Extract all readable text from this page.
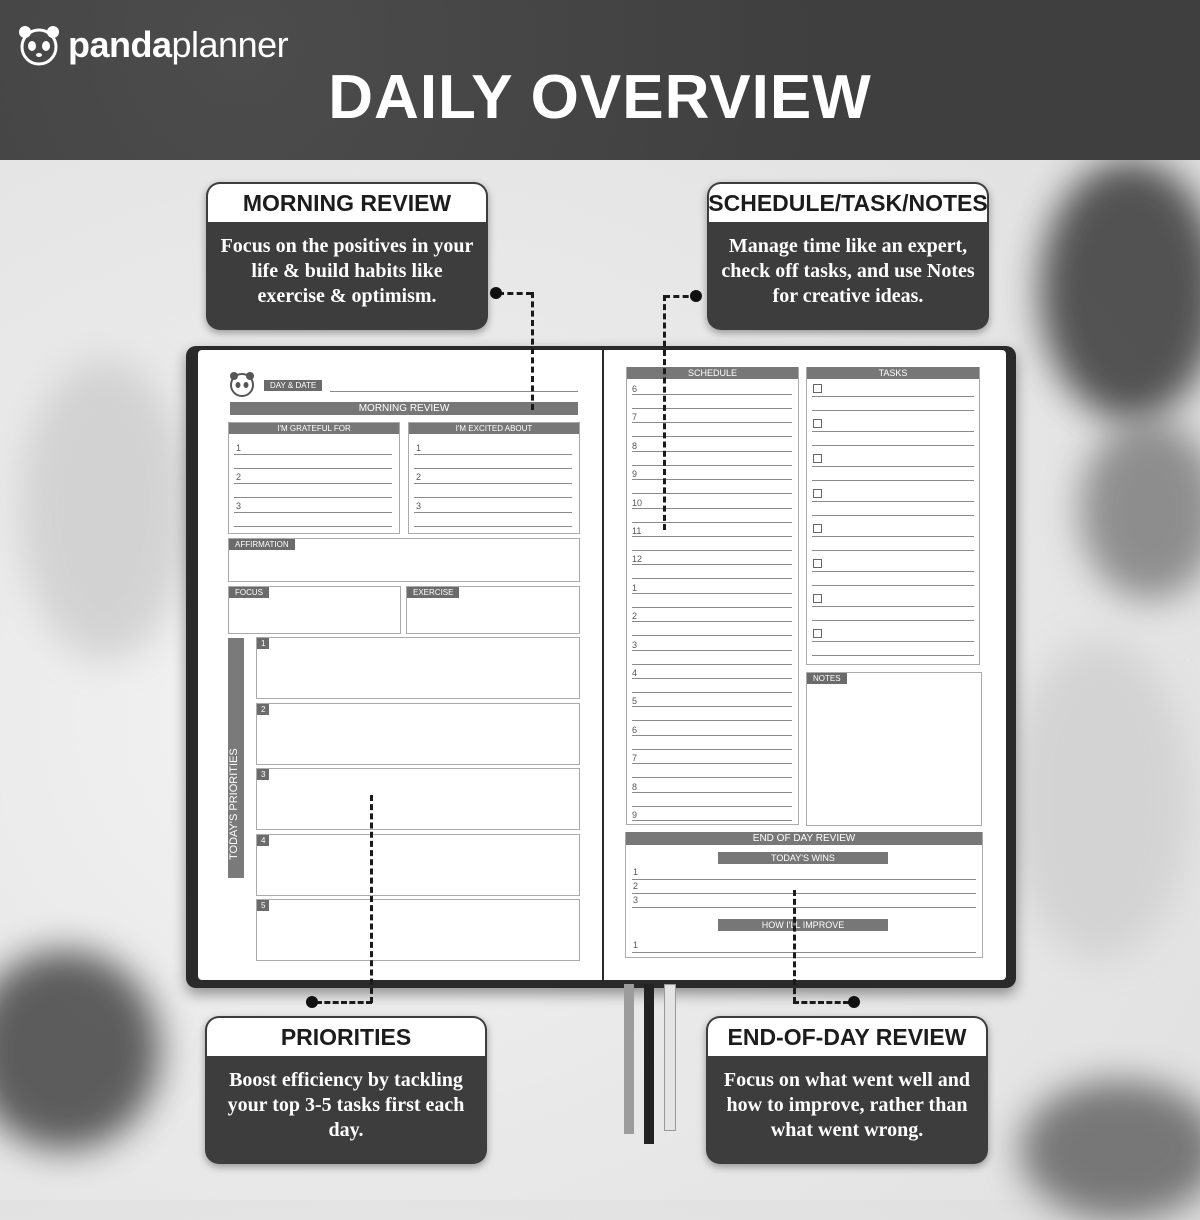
pandaplanner
DAILY OVERVIEW
DAY & DATE
MORNING REVIEW
I'M GRATEFUL FOR	I'M EXCITED ABOUT
1
2
3
1
2
3
AFFIRMATION
FOCUS	EXERCISE
TODAY'S PRIORITIES
1
2
3
4
5
SCHEDULE
6
7
8
9
10
11
12
1
2
3
4
5
6
7
8
9
TASKS
NOTES
END OF DAY REVIEW
TODAY'S WINS
1
2
3
HOW I'LL IMPROVE
1
MORNING REVIEW
Focus on the positives in your life & build habits like exercise & optimism.
SCHEDULE/TASK/NOTES
Manage time like an expert, check off tasks, and use Notes for creative ideas.
PRIORITIES
Boost efficiency by tackling your top 3-5 tasks first each day.
END-OF-DAY REVIEW
Focus on what went well and how to improve, rather than what went wrong.
